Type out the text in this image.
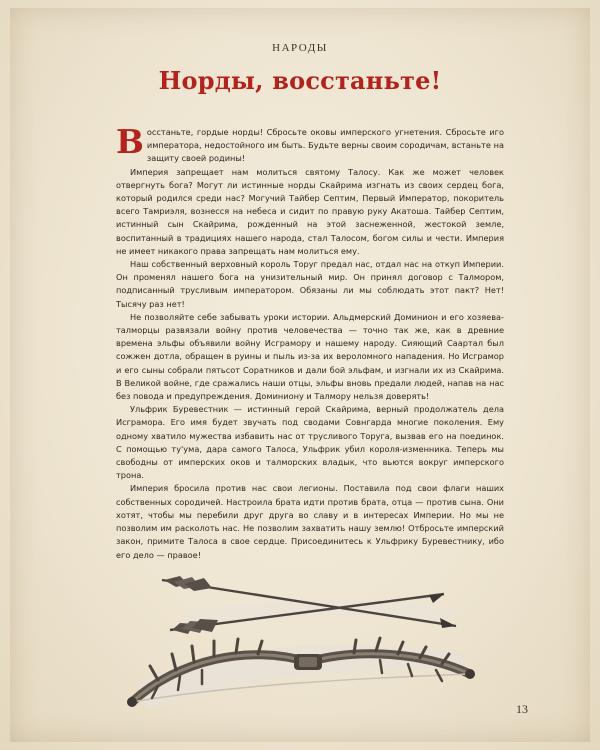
НАРОДЫ
Норды, восстаньте!

Восстаньте, гордые норды! Сбросьте оковы имперского угнетения. Сбросьте иго императора, недостойного им быть. Будьте верны своим сородичам, встаньте на защиту своей родины!

Империя запрещает нам молиться святому Талосу. Как же может человек отвергнуть бога? Могут ли истинные норды Скайрима изгнать из своих сердец бога, который родился среди нас? Могучий Тайбер Септим, Первый Император, покоритель всего Тамриэля, вознесся на небеса и сидит по правую руку Акатоша. Тайбер Септим, истинный сын Скайрима, рожденный на этой заснеженной, жестокой земле, воспитанный в традициях нашего народа, стал Талосом, богом силы и чести. Империя не имеет никакого права запрещать нам молиться ему.

Наш собственный верховный король Торуг предал нас, отдал нас на откуп Империи. Он променял нашего бога на унизительный мир. Он принял договор с Талмором, подписанный трусливым императором. Обязаны ли мы соблюдать этот пакт? Нет! Тысячу раз нет!

Не позволяйте себе забывать уроки истории. Альдмерский Доминион и его хозяева-талморцы развязали войну против человечества — точно так же, как в древние времена эльфы объявили войну Исграмору и нашему народу. Сияющий Саартал был сожжен дотла, обращен в руины и пыль из-за их вероломного нападения. Но Исграмор и его сыны собрали пятьсот Соратников и дали бой эльфам, и изгнали их из Скайрима. В Великой войне, где сражались наши отцы, эльфы вновь предали людей, напав на нас без повода и предупреждения. Доминиону и Талмору нельзя доверять!

Ульфрик Буревестник — истинный герой Скайрима, верный продолжатель дела Исграмора. Его имя будет звучать под сводами Совнгарда многие поколения. Ему одному хватило мужества избавить нас от трусливого Торуга, вызвав его на поединок. С помощью ту'ума, дара самого Талоса, Ульфрик убил короля-изменника. Теперь мы свободны от имперских оков и талморских владык, что вьются вокруг имперского трона.

Империя бросила против нас свои легионы. Поставила под свои флаги наших собственных сородичей. Настроила брата идти против брата, отца — против сына. Они хотят, чтобы мы перебили друг друга во славу и в интересах Империи. Но мы не позволим им расколоть нас. Не позволим захватить нашу землю! Отбросьте имперский закон, примите Талоса в свое сердце. Присоединитесь к Ульфрику Буревестнику, ибо его дело — правое!

13
